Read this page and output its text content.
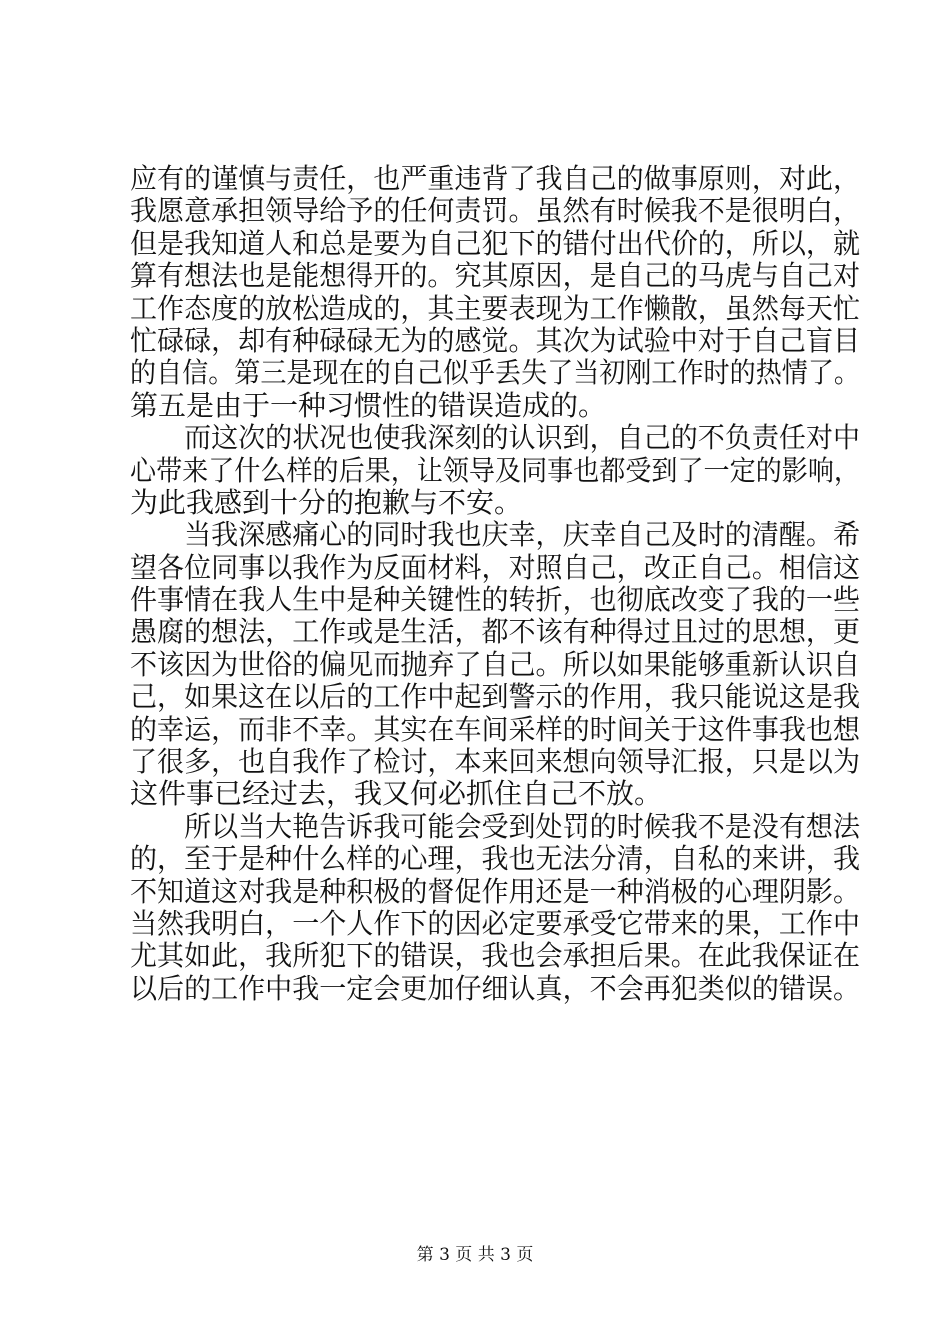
应有的谨慎与责任，也严重违背了我自己的做事原则，对此，
我愿意承担领导给予的任何责罚。虽然有时候我不是很明白，
但是我知道人和总是要为自己犯下的错付出代价的，所以，就
算有想法也是能想得开的。究其原因，是自己的马虎与自己对
工作态度的放松造成的，其主要表现为工作懒散，虽然每天忙
忙碌碌，却有种碌碌无为的感觉。其次为试验中对于自己盲目
的自信。第三是现在的自己似乎丢失了当初刚工作时的热情了。
第五是由于一种习惯性的错误造成的。
　　而这次的状况也使我深刻的认识到，自己的不负责任对中
心带来了什么样的后果，让领导及同事也都受到了一定的影响，
为此我感到十分的抱歉与不安。
　　当我深感痛心的同时我也庆幸，庆幸自己及时的清醒。希
望各位同事以我作为反面材料，对照自己，改正自己。相信这
件事情在我人生中是种关键性的转折，也彻底改变了我的一些
愚腐的想法，工作或是生活，都不该有种得过且过的思想，更
不该因为世俗的偏见而抛弃了自己。所以如果能够重新认识自
己，如果这在以后的工作中起到警示的作用，我只能说这是我
的幸运，而非不幸。其实在车间采样的时间关于这件事我也想
了很多，也自我作了检讨，本来回来想向领导汇报，只是以为
这件事已经过去，我又何必抓住自己不放。
　　所以当大艳告诉我可能会受到处罚的时候我不是没有想法
的，至于是种什么样的心理，我也无法分清，自私的来讲，我
不知道这对我是种积极的督促作用还是一种消极的心理阴影。
当然我明白，一个人作下的因必定要承受它带来的果，工作中
尤其如此，我所犯下的错误，我也会承担后果。在此我保证在
以后的工作中我一定会更加仔细认真，不会再犯类似的错误。
第 3 页 共 3 页
